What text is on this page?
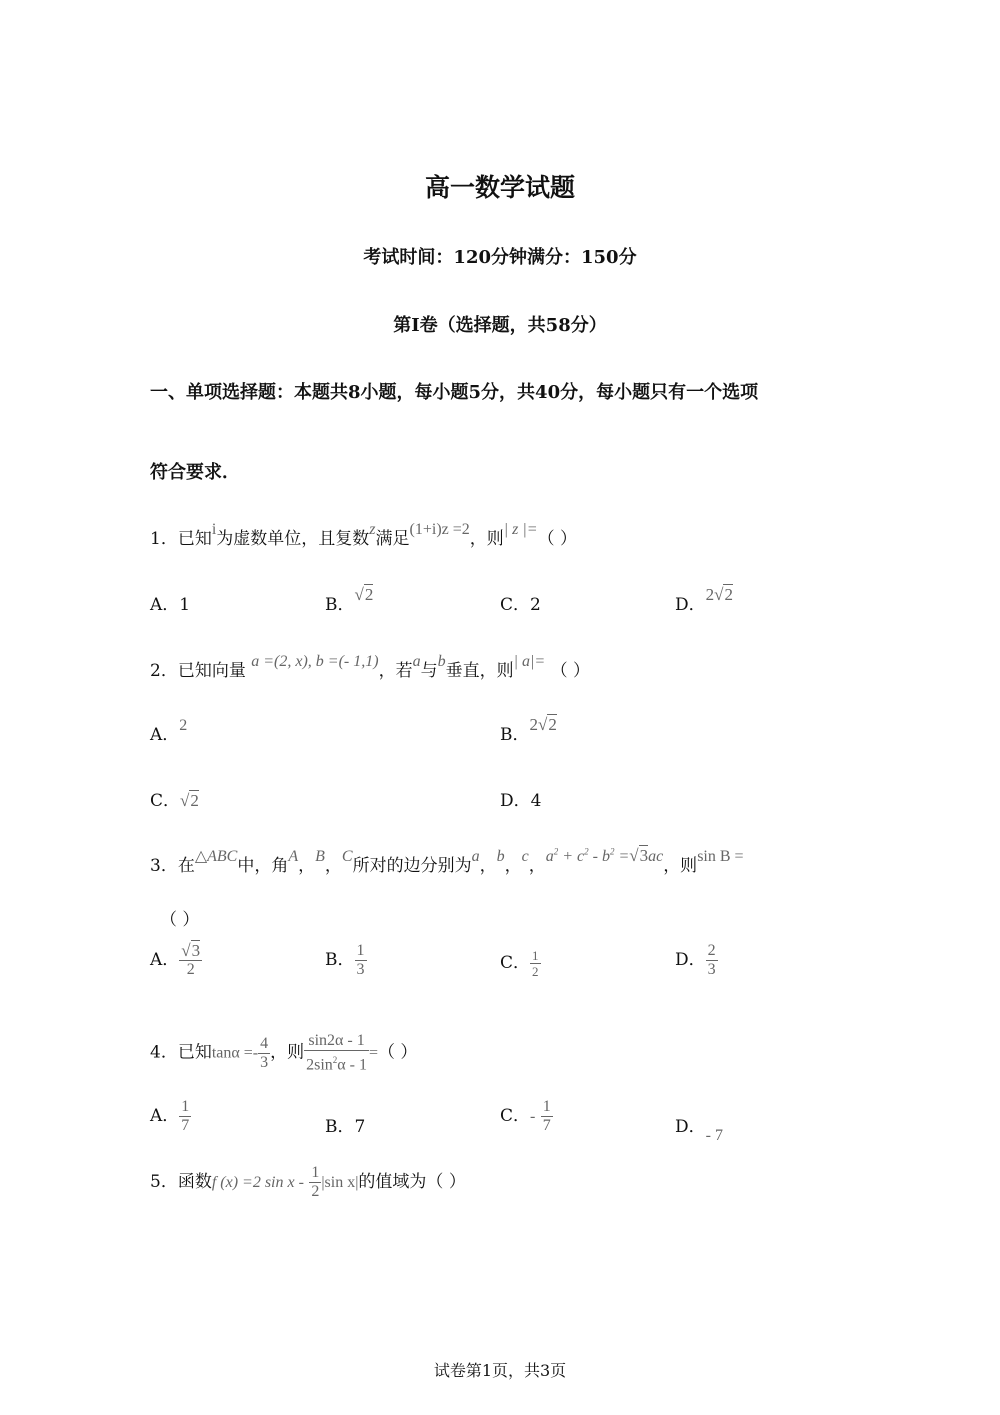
高一数学试题
考试时间：120分钟满分：150分
第Ⅰ卷（选择题，共58分）
一、单项选择题：本题共8小题，每小题5分，共40分，每小题只有一个选项
符合要求．
1．已知i为虚数单位，且复数z满足(1+i)z =2，则| z |=（ ）
A．1	B．√2
C．2	D．2√2
2．已知向量 a =(2, x), b =(- 1,1)，若a与b垂直，则| a|= （ ）
A．2	B．2√2
C．√2	D．4
3．在△ABC中，角A，B，C所对的边分别为a，b，c，$a^2 + c^2 - b^2 =√3ac$，则sin B =
（ ）
A． $\frac{√3}{2}$	B． $\frac{1}{3}$	C． $\frac{1}{2}$	D． $\frac{2}{3}$
4．已知$\tan\alpha =- \frac{4}{3}$ ，则 $\frac{\sin 2\alpha - 1}{2\sin^2\alpha - 1}$ =（ ）
A． $\frac{1}{7}$	B．7
C．- $\frac{1}{7}$	D．- 7
5．函数f (x) =2 sin x - $\frac{1}{2} |\sin$ x|的值域为（ ）
试卷第1页，共3页
